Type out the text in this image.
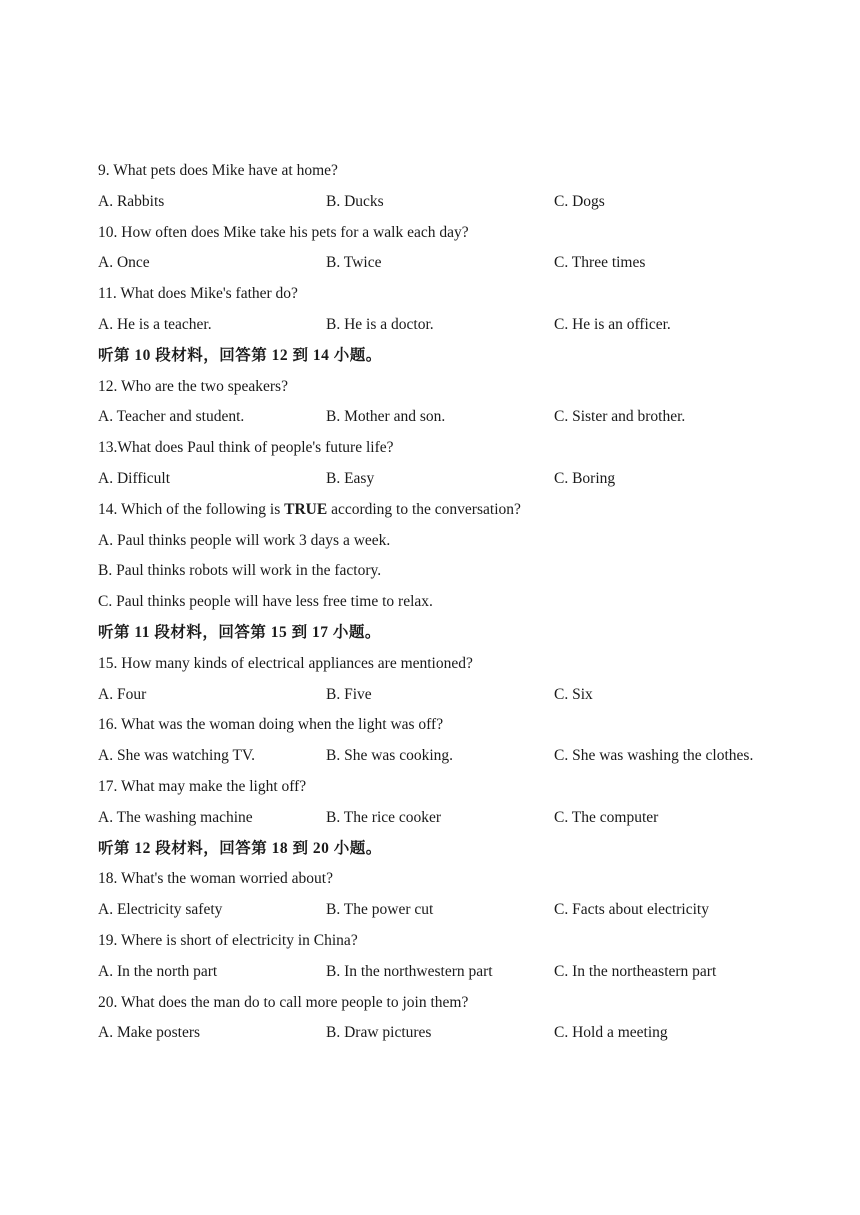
9. What pets does Mike have at home?
A. Rabbits	B. Ducks	C. Dogs
10. How often does Mike take his pets for a walk each day?
A. Once	B. Twice	C. Three times
11. What does Mike's father do?
A. He is a teacher.	B. He is a doctor.	C. He is an officer.
听第 10 段材料，回答第 12 到 14 小题。
12. Who are the two speakers?
A. Teacher and student.	B. Mother and son.	C. Sister and brother.
13.What does Paul think of people's future life?
A. Difficult	B. Easy	C. Boring
14. Which of the following is TRUE according to the conversation?
A. Paul thinks people will work 3 days a week.
B. Paul thinks robots will work in the factory.
C. Paul thinks people will have less free time to relax.
听第 11 段材料，回答第 15 到 17 小题。
15. How many kinds of electrical appliances are mentioned?
A. Four	B. Five	C. Six
16. What was the woman doing when the light was off?
A. She was watching TV.	B. She was cooking.	C. She was washing the clothes.
17. What may make the light off?
A. The washing machine	B. The rice cooker	C. The computer
听第 12 段材料，回答第 18 到 20 小题。
18. What's the woman worried about?
A. Electricity safety	B. The power cut	C. Facts about electricity
19. Where is short of electricity in China?
A. In the north part	B. In the northwestern part	C. In the northeastern part
20. What does the man do to call more people to join them?
A. Make posters	B. Draw pictures	C. Hold a meeting
